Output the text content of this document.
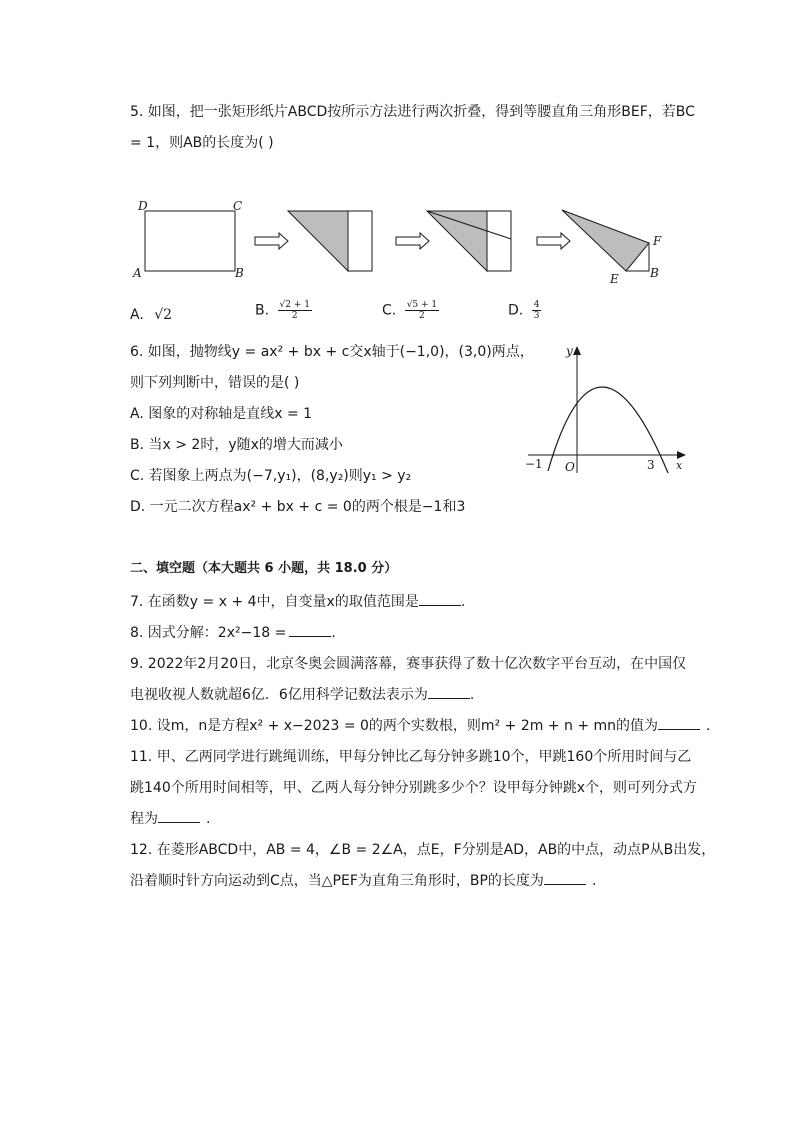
5. 如图，把一张矩形纸片ABCD按所示方法进行两次折叠，得到等腰直角三角形BEF，若BC
= 1，则AB的长度为( )
D	C
A	B
F
E	B
A. √2	B. $\frac{√2 + 1}{2}$	C. $\frac{√5 + 1}{2}$	D. $\frac{4}{3}$
6. 如图，抛物线y = ax² + bx + c交x轴于(−1,0)，(3,0)两点，
则下列判断中，错误的是( )
A. 图象的对称轴是直线x = 1
B. 当x > 2时，y随x的增大而减小
C. 若图象上两点为(−7,y₁)，(8,y₂)则y₁ > y₂
D. 一元二次方程ax² + bx + c = 0的两个根是−1和3
y
x
O
−1	3
二、填空题（本大题共 6 小题，共 18.0 分）
7. 在函数y = x + 4中，自变量x的取值范围是	.
8. 因式分解：2x²−18 =	.
9. 2022年2月20日，北京冬奥会圆满落幕，赛事获得了数十亿次数字平台互动，在中国仅
电视收视人数就超6亿．6亿用科学记数法表示为	.
10. 设m，n是方程x² + x−2023 = 0的两个实数根，则m² + 2m + n + mn的值为	.
11. 甲、乙两同学进行跳绳训练，甲每分钟比乙每分钟多跳10个，甲跳160个所用时间与乙
跳140个所用时间相等，甲、乙两人每分钟分别跳多少个？设甲每分钟跳x个，则可列分式方
程为	.
12. 在菱形ABCD中，AB = 4，∠B = 2∠A，点E，F分别是AD，AB的中点，动点P从B出发，
沿着顺时针方向运动到C点，当△PEF为直角三角形时，BP的长度为	.
